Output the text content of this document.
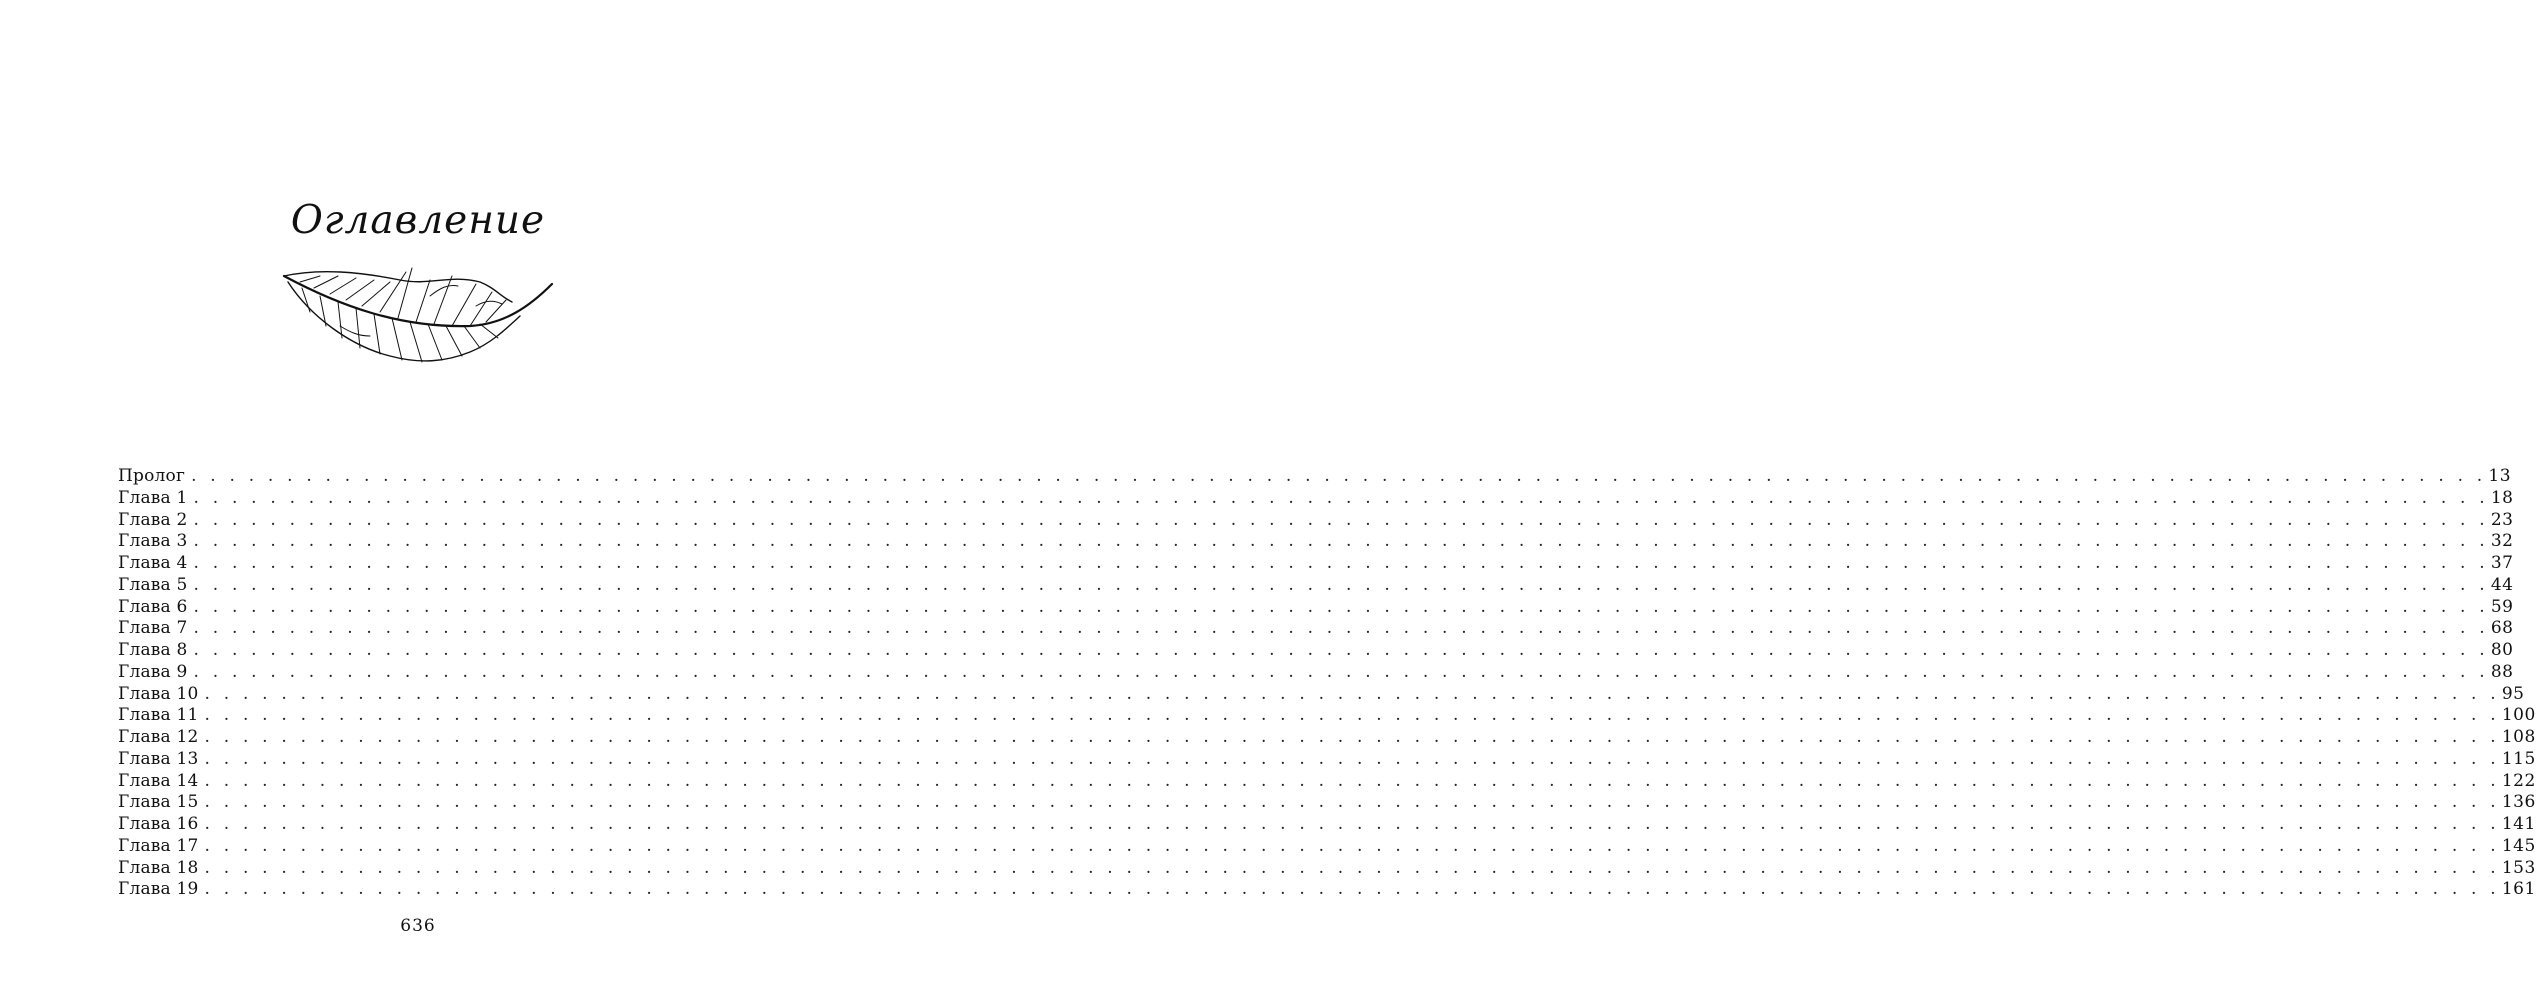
Оглавление
Пролог . . . . . . . . . . . . . . . . . . . . . . . . . . . . . . . . . . . . . . . . . . . . . . . . . . . . . . . . . . . . . . . . . . . . . . . . . . . . . . . . . . . . . . . . . . . . . . . . . . . . . . . . . . . . . . . . . . . . . . . . 13
Глава 1 . . . . . . . . . . . . . . . . . . . . . . . . . . . . . . . . . . . . . . . . . . . . . . . . . . . . . . . . . . . . . . . . . . . . . . . . . . . . . . . . . . . . . . . . . . . . . . . . . . . . . . . . . . . . . . . . . . . . . . . . 18
Глава 2 . . . . . . . . . . . . . . . . . . . . . . . . . . . . . . . . . . . . . . . . . . . . . . . . . . . . . . . . . . . . . . . . . . . . . . . . . . . . . . . . . . . . . . . . . . . . . . . . . . . . . . . . . . . . . . . . . . . . . . . . 23
Глава 3 . . . . . . . . . . . . . . . . . . . . . . . . . . . . . . . . . . . . . . . . . . . . . . . . . . . . . . . . . . . . . . . . . . . . . . . . . . . . . . . . . . . . . . . . . . . . . . . . . . . . . . . . . . . . . . . . . . . . . . . . 32
Глава 4 . . . . . . . . . . . . . . . . . . . . . . . . . . . . . . . . . . . . . . . . . . . . . . . . . . . . . . . . . . . . . . . . . . . . . . . . . . . . . . . . . . . . . . . . . . . . . . . . . . . . . . . . . . . . . . . . . . . . . . . . 37
Глава 5 . . . . . . . . . . . . . . . . . . . . . . . . . . . . . . . . . . . . . . . . . . . . . . . . . . . . . . . . . . . . . . . . . . . . . . . . . . . . . . . . . . . . . . . . . . . . . . . . . . . . . . . . . . . . . . . . . . . . . . . . 44
Глава 6 . . . . . . . . . . . . . . . . . . . . . . . . . . . . . . . . . . . . . . . . . . . . . . . . . . . . . . . . . . . . . . . . . . . . . . . . . . . . . . . . . . . . . . . . . . . . . . . . . . . . . . . . . . . . . . . . . . . . . . . . 59
Глава 7 . . . . . . . . . . . . . . . . . . . . . . . . . . . . . . . . . . . . . . . . . . . . . . . . . . . . . . . . . . . . . . . . . . . . . . . . . . . . . . . . . . . . . . . . . . . . . . . . . . . . . . . . . . . . . . . . . . . . . . . . 68
Глава 8 . . . . . . . . . . . . . . . . . . . . . . . . . . . . . . . . . . . . . . . . . . . . . . . . . . . . . . . . . . . . . . . . . . . . . . . . . . . . . . . . . . . . . . . . . . . . . . . . . . . . . . . . . . . . . . . . . . . . . . . . 80
Глава 9 . . . . . . . . . . . . . . . . . . . . . . . . . . . . . . . . . . . . . . . . . . . . . . . . . . . . . . . . . . . . . . . . . . . . . . . . . . . . . . . . . . . . . . . . . . . . . . . . . . . . . . . . . . . . . . . . . . . . . . . . 88
Глава 10 . . . . . . . . . . . . . . . . . . . . . . . . . . . . . . . . . . . . . . . . . . . . . . . . . . . . . . . . . . . . . . . . . . . . . . . . . . . . . . . . . . . . . . . . . . . . . . . . . . . . . . . . . . . . . . . . . . . . . . . . 95
Глава 11 . . . . . . . . . . . . . . . . . . . . . . . . . . . . . . . . . . . . . . . . . . . . . . . . . . . . . . . . . . . . . . . . . . . . . . . . . . . . . . . . . . . . . . . . . . . . . . . . . . . . . . . . . . . . . . . . . . . . . . . . 100
Глава 12 . . . . . . . . . . . . . . . . . . . . . . . . . . . . . . . . . . . . . . . . . . . . . . . . . . . . . . . . . . . . . . . . . . . . . . . . . . . . . . . . . . . . . . . . . . . . . . . . . . . . . . . . . . . . . . . . . . . . . . . . 108
Глава 13 . . . . . . . . . . . . . . . . . . . . . . . . . . . . . . . . . . . . . . . . . . . . . . . . . . . . . . . . . . . . . . . . . . . . . . . . . . . . . . . . . . . . . . . . . . . . . . . . . . . . . . . . . . . . . . . . . . . . . . . . 115
Глава 14 . . . . . . . . . . . . . . . . . . . . . . . . . . . . . . . . . . . . . . . . . . . . . . . . . . . . . . . . . . . . . . . . . . . . . . . . . . . . . . . . . . . . . . . . . . . . . . . . . . . . . . . . . . . . . . . . . . . . . . . . 122
Глава 15 . . . . . . . . . . . . . . . . . . . . . . . . . . . . . . . . . . . . . . . . . . . . . . . . . . . . . . . . . . . . . . . . . . . . . . . . . . . . . . . . . . . . . . . . . . . . . . . . . . . . . . . . . . . . . . . . . . . . . . . . 136
Глава 16 . . . . . . . . . . . . . . . . . . . . . . . . . . . . . . . . . . . . . . . . . . . . . . . . . . . . . . . . . . . . . . . . . . . . . . . . . . . . . . . . . . . . . . . . . . . . . . . . . . . . . . . . . . . . . . . . . . . . . . . . 141
Глава 17 . . . . . . . . . . . . . . . . . . . . . . . . . . . . . . . . . . . . . . . . . . . . . . . . . . . . . . . . . . . . . . . . . . . . . . . . . . . . . . . . . . . . . . . . . . . . . . . . . . . . . . . . . . . . . . . . . . . . . . . . 145
Глава 18 . . . . . . . . . . . . . . . . . . . . . . . . . . . . . . . . . . . . . . . . . . . . . . . . . . . . . . . . . . . . . . . . . . . . . . . . . . . . . . . . . . . . . . . . . . . . . . . . . . . . . . . . . . . . . . . . . . . . . . . . 153
Глава 19 . . . . . . . . . . . . . . . . . . . . . . . . . . . . . . . . . . . . . . . . . . . . . . . . . . . . . . . . . . . . . . . . . . . . . . . . . . . . . . . . . . . . . . . . . . . . . . . . . . . . . . . . . . . . . . . . . . . . . . . . 161
636
